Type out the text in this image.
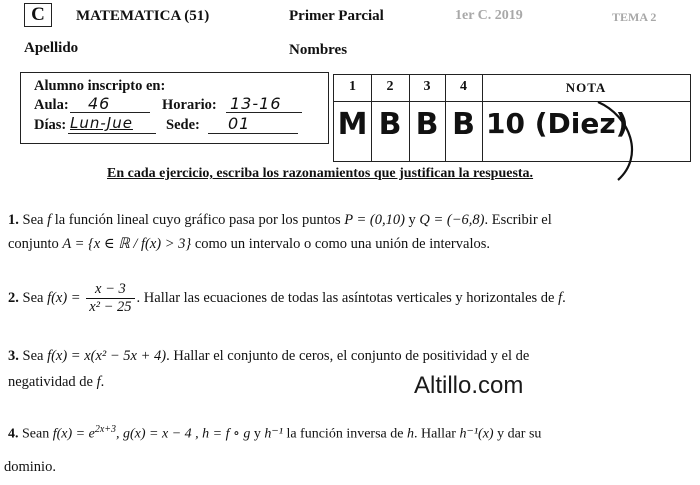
C	MATEMATICA (51)	Primer Parcial	1er C. 2019	TEMA 2
Apellido	Nombres
Alumno inscripto en:
Aula: 46	Horario: 13-16
Días: Lun-Jue Sede: 01
1	2	3	4	NOTA
M B B B 10 (Diez)
En cada ejercicio, escriba los razonamientos que justifican la respuesta.
1. Sea f la función lineal cuyo gráfico pasa por los puntos P = (0,10) y Q = (−6,8). Escribir el
conjunto A = {x ∈ ℝ / f(x) > 3} como un intervalo o como una unión de intervalos.
2. Sea $f(x) = \frac{x - 3}{\text{x² − 25}}$ . Hallar las ecuaciones de todas las asíntotas verticales y horizontales de f.
3. Sea f(x) = x(x² − 5x + 4). Hallar el conjunto de ceros, el conjunto de positividad y el de
negatividad de f.	Altillo.com
4. Sean $f(x) = e^{2x+3}$, g(x) = x − 4 , h = f ∘ g y h⁻¹ la función inversa de h. Hallar h⁻¹(x) y dar su
dominio.
